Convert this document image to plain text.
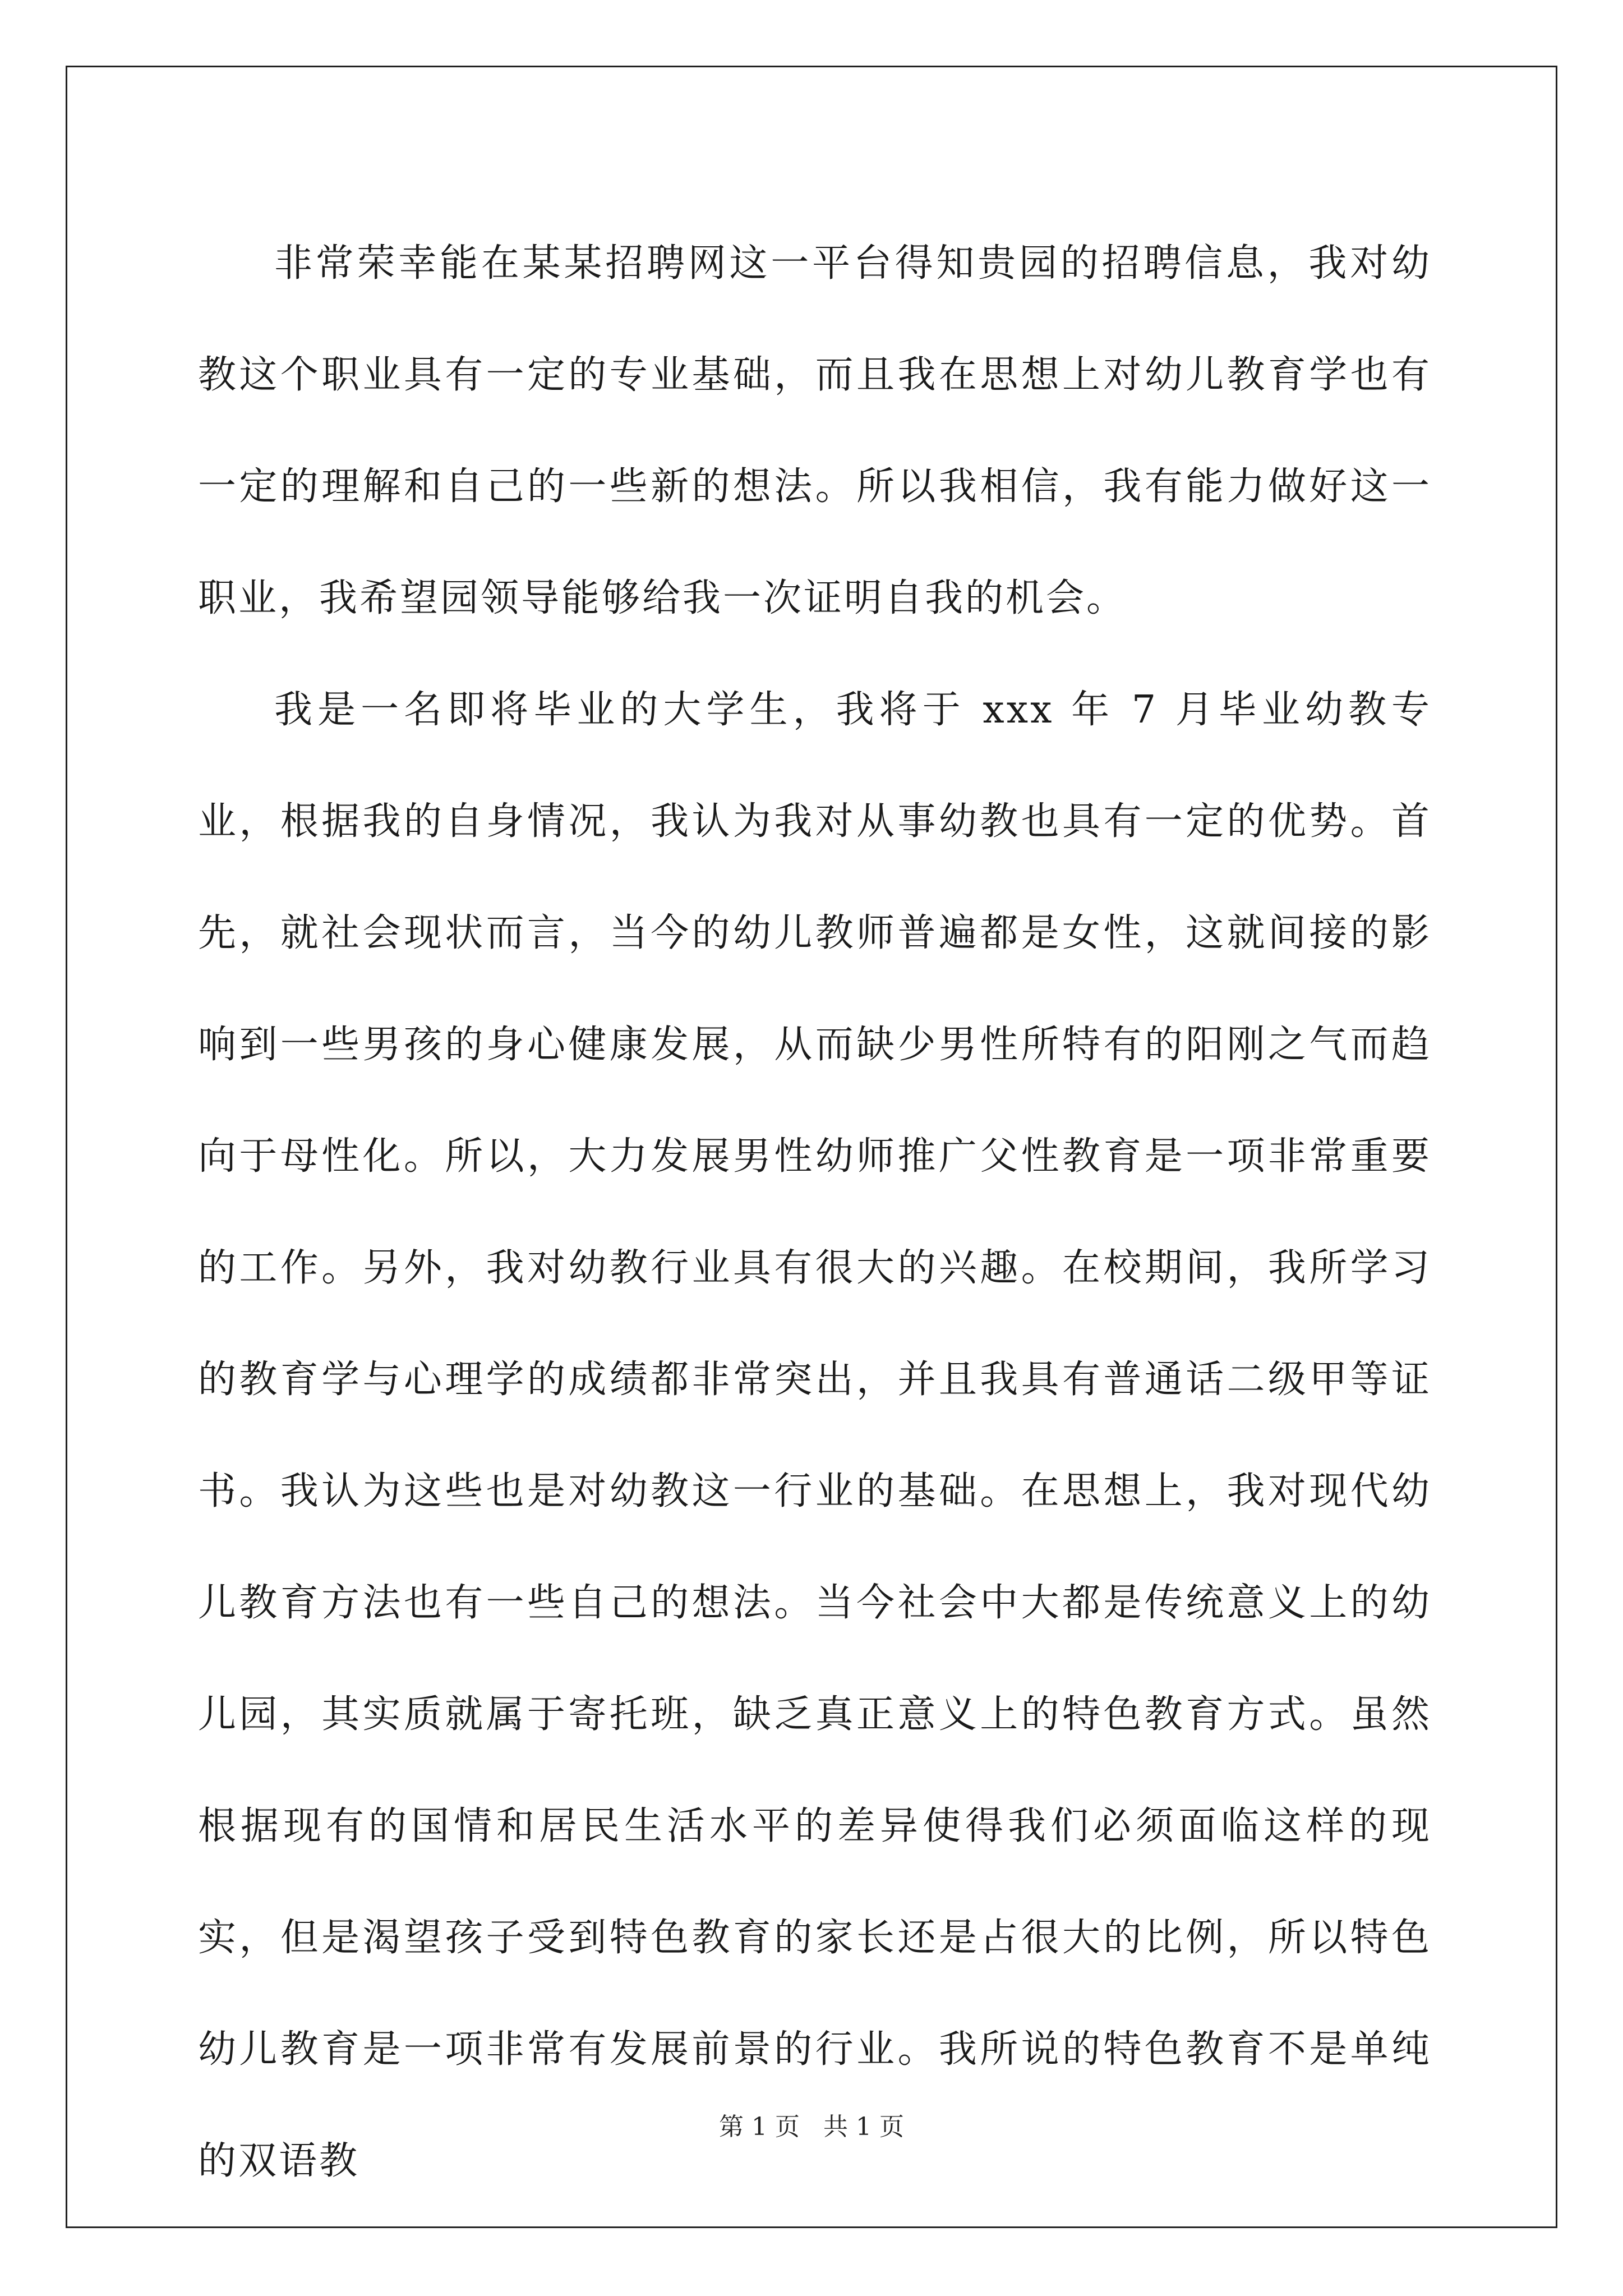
非常荣幸能在某某招聘网这一平台得知贵园的招聘信息，我对幼教这个职业具有一定的专业基础，而且我在思想上对幼儿教育学也有一定的理解和自己的一些新的想法。所以我相信，我有能力做好这一职业，我希望园领导能够给我一次证明自我的机会。

我是一名即将毕业的大学生，我将于 xxx 年 7 月毕业幼教专业，根据我的自身情况，我认为我对从事幼教也具有一定的优势。首先，就社会现状而言，当今的幼儿教师普遍都是女性，这就间接的影响到一些男孩的身心健康发展，从而缺少男性所特有的阳刚之气而趋向于母性化。所以，大力发展男性幼师推广父性教育是一项非常重要的工作。另外，我对幼教行业具有很大的兴趣。在校期间，我所学习的教育学与心理学的成绩都非常突出，并且我具有普通话二级甲等证书。我认为这些也是对幼教这一行业的基础。在思想上，我对现代幼儿教育方法也有一些自己的想法。当今社会中大都是传统意义上的幼儿园，其实质就属于寄托班，缺乏真正意义上的特色教育方式。虽然根据现有的国情和居民生活水平的差异使得我们必须面临这样的现实，但是渴望孩子受到特色教育的家长还是占很大的比例，所以特色幼儿教育是一项非常有发展前景的行业。我所说的特色教育不是单纯的双语教

第 1 页   共 1 页
